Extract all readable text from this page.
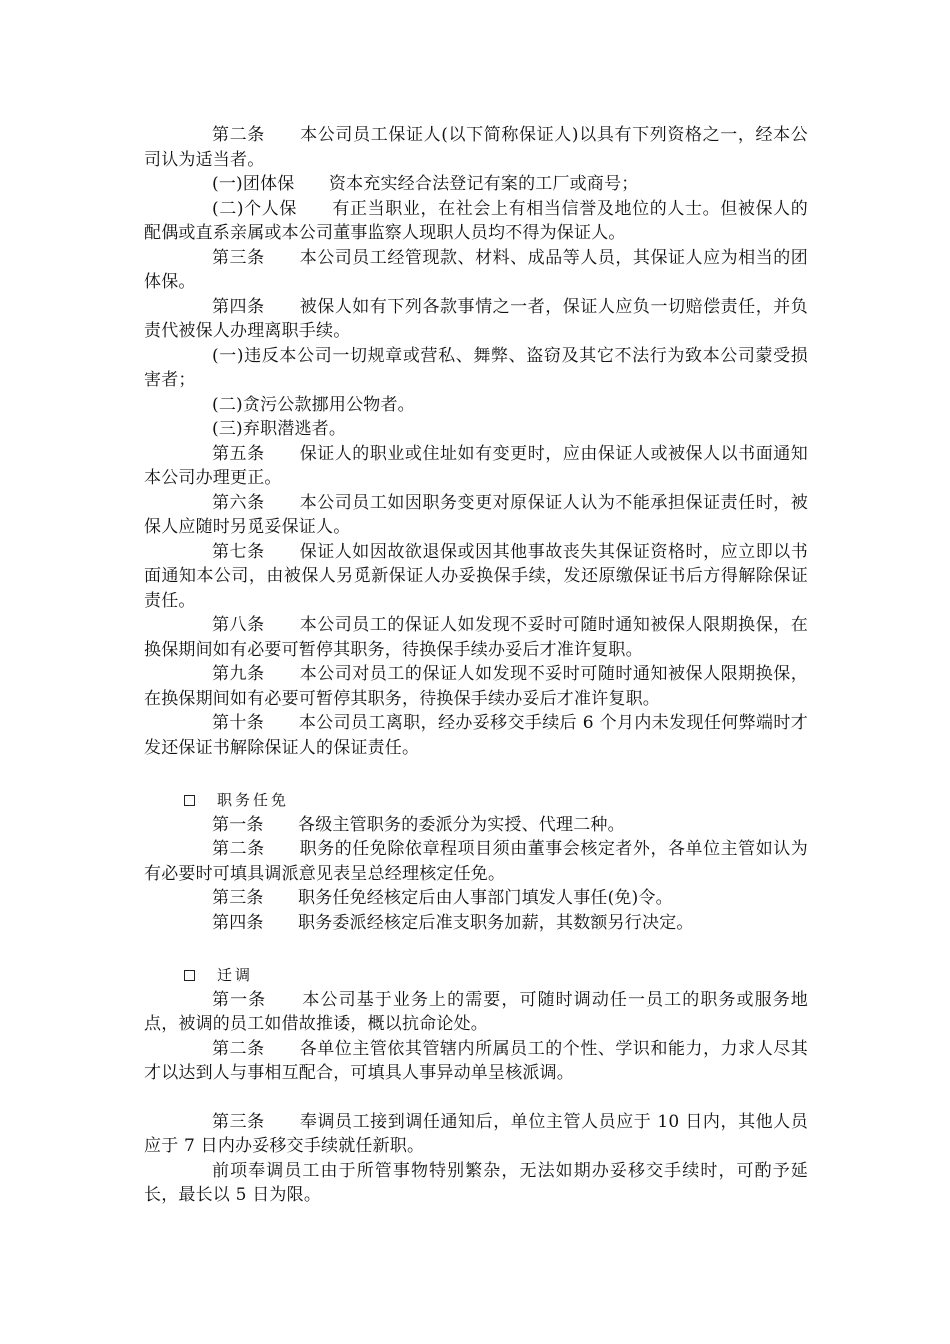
第二条　　本公司员工保证人(以下简称保证人)以具有下列资格之一，经本公司认为适当者。

(一)团体保　　资本充实经合法登记有案的工厂或商号；

(二)个人保　　有正当职业，在社会上有相当信誉及地位的人士。但被保人的配偶或直系亲属或本公司董事监察人现职人员均不得为保证人。

第三条　　本公司员工经管现款、材料、成品等人员，其保证人应为相当的团体保。

第四条　　被保人如有下列各款事情之一者，保证人应负一切赔偿责任，并负责代被保人办理离职手续。

(一)违反本公司一切规章或营私、舞弊、盗窃及其它不法行为致本公司蒙受损害者；

(二)贪污公款挪用公物者。

(三)弃职潜逃者。

第五条　　保证人的职业或住址如有变更时，应由保证人或被保人以书面通知本公司办理更正。

第六条　　本公司员工如因职务变更对原保证人认为不能承担保证责任时，被保人应随时另觅妥保证人。

第七条　　保证人如因故欲退保或因其他事故丧失其保证资格时，应立即以书面通知本公司，由被保人另觅新保证人办妥换保手续，发还原缴保证书后方得解除保证责任。

第八条　　本公司员工的保证人如发现不妥时可随时通知被保人限期换保，在换保期间如有必要可暂停其职务，待换保手续办妥后才准许复职。

第九条　　本公司对员工的保证人如发现不妥时可随时通知被保人限期换保，在换保期间如有必要可暂停其职务，待换保手续办妥后才准许复职。

第十条　　本公司员工离职，经办妥移交手续后 6 个月内未发现任何弊端时才发还保证书解除保证人的保证责任。

职务任免

第一条　　各级主管职务的委派分为实授、代理二种。

第二条　　职务的任免除依章程项目须由董事会核定者外，各单位主管如认为有必要时可填具调派意见表呈总经理核定任免。

第三条　　职务任免经核定后由人事部门填发人事任(免)令。

第四条　　职务委派经核定后准支职务加薪，其数额另行决定。

迁调

第一条　　本公司基于业务上的需要，可随时调动任一员工的职务或服务地点，被调的员工如借故推诿，概以抗命论处。

第二条　　各单位主管依其管辖内所属员工的个性、学识和能力，力求人尽其才以达到人与事相互配合，可填具人事异动单呈核派调。

第三条　　奉调员工接到调任通知后，单位主管人员应于 10 日内，其他人员应于 7 日内办妥移交手续就任新职。

前项奉调员工由于所管事物特别繁杂，无法如期办妥移交手续时，可酌予延长，最长以 5 日为限。
